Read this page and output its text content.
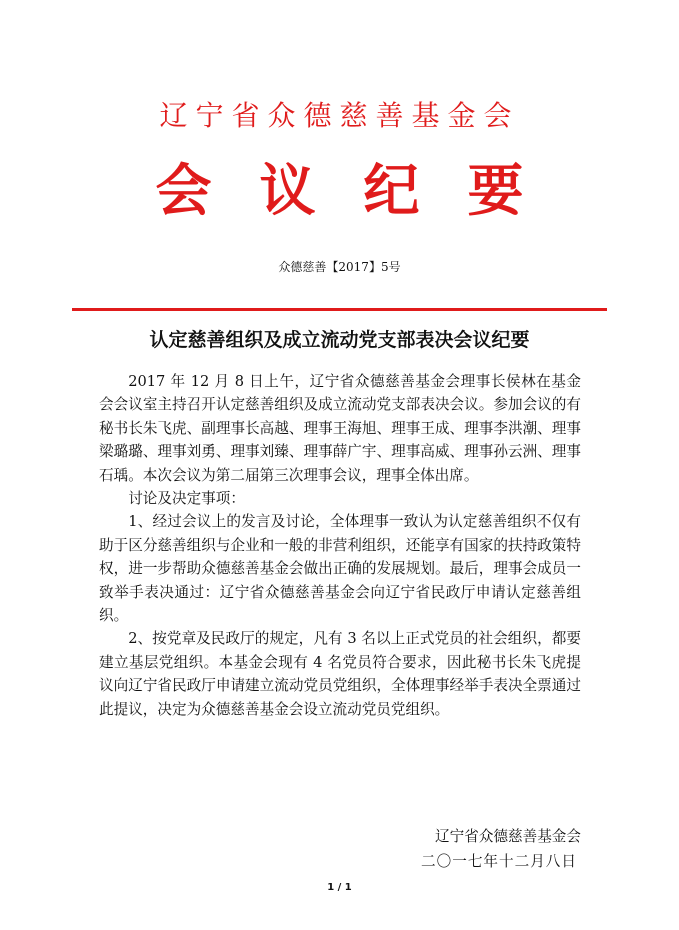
辽宁省众德慈善基金会
会议纪要
众德慈善【2017】5号
认定慈善组织及成立流动党支部表决会议纪要

2017 年 12 月 8 日上午，辽宁省众德慈善基金会理事长侯林在基金会会议室主持召开认定慈善组织及成立流动党支部表决会议。参加会议的有秘书长朱飞虎、副理事长高越、理事王海旭、理事王成、理事李洪潮、理事梁璐璐、理事刘勇、理事刘臻、理事薛广宇、理事高威、理事孙云洲、理事石瑀。本次会议为第二届第三次理事会议，理事全体出席。

讨论及决定事项：

1、经过会议上的发言及讨论，全体理事一致认为认定慈善组织不仅有助于区分慈善组织与企业和一般的非营利组织，还能享有国家的扶持政策特权，进一步帮助众德慈善基金会做出正确的发展规划。最后，理事会成员一致举手表决通过：辽宁省众德慈善基金会向辽宁省民政厅申请认定慈善组织。

2、按党章及民政厅的规定，凡有 3 名以上正式党员的社会组织，都要建立基层党组织。本基金会现有 4 名党员符合要求，因此秘书长朱飞虎提议向辽宁省民政厅申请建立流动党员党组织，全体理事经举手表决全票通过此提议，决定为众德慈善基金会设立流动党员党组织。

辽宁省众德慈善基金会
二〇一七年十二月八日
1 / 1
